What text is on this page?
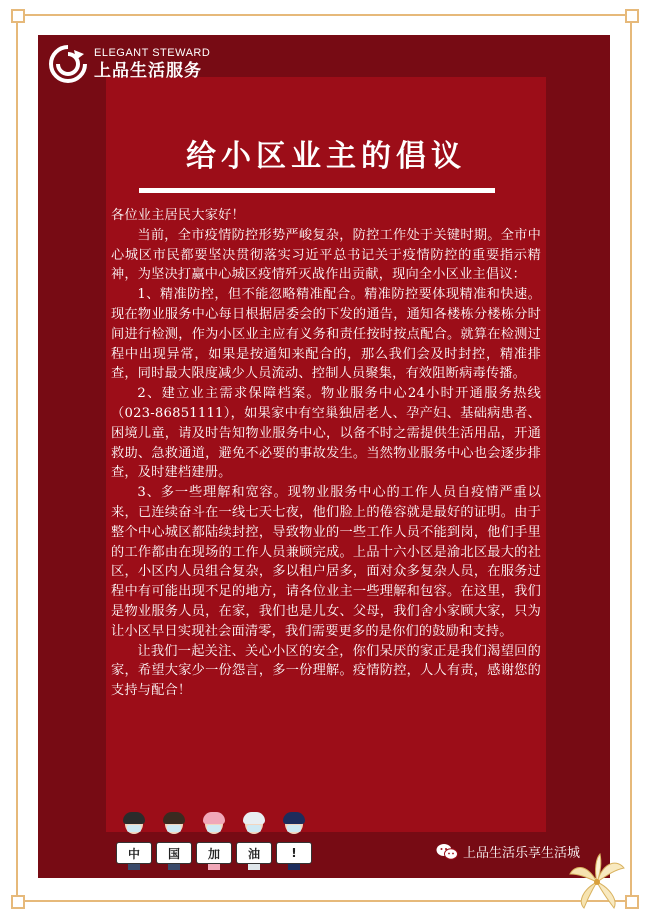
ELEGANT STEWARD
上品生活服务
给小区业主的倡议

各位业主居民大家好！

当前，全市疫情防控形势严峻复杂，防控工作处于关键时期。全市中心城区市民都要坚决贯彻落实习近平总书记关于疫情防控的重要指示精神，为坚决打赢中心城区疫情歼灭战作出贡献，现向全小区业主倡议：

1、精准防控，但不能忽略精准配合。精准防控要体现精准和快速。现在物业服务中心每日根据居委会的下发的通告，通知各楼栋分楼栋分时间进行检测，作为小区业主应有义务和责任按时按点配合。就算在检测过程中出现异常，如果是按通知来配合的，那么我们会及时封控，精准排查，同时最大限度减少人员流动、控制人员聚集，有效阻断病毒传播。

2、建立业主需求保障档案。物业服务中心24小时开通服务热线（023-86851111），如果家中有空巢独居老人、孕产妇、基础病患者、困境儿童，请及时告知物业服务中心，以备不时之需提供生活用品，开通救助、急救通道，避免不必要的事故发生。当然物业服务中心也会逐步排查，及时建档建册。

3、多一些理解和宽容。现物业服务中心的工作人员自疫情严重以来，已连续奋斗在一线七天七夜，他们脸上的倦容就是最好的证明。由于整个中心城区都陆续封控，导致物业的一些工作人员不能到岗，他们手里的工作都由在现场的工作人员兼顾完成。上品十六小区是渝北区最大的社区，小区内人员组合复杂，多以租户居多，面对众多复杂人员，在服务过程中有可能出现不足的地方，请各位业主一些理解和包容。在这里，我们是物业服务人员，在家，我们也是儿女、父母，我们舍小家顾大家，只为让小区早日实现社会面清零，我们需要更多的是你们的鼓励和支持。

让我们一起关注、关心小区的安全，你们呆厌的家正是我们渴望回的家，希望大家少一份怨言，多一份理解。疫情防控，人人有责，感谢您的支持与配合！

中	国	加	油	!	上品生活乐享生活城
